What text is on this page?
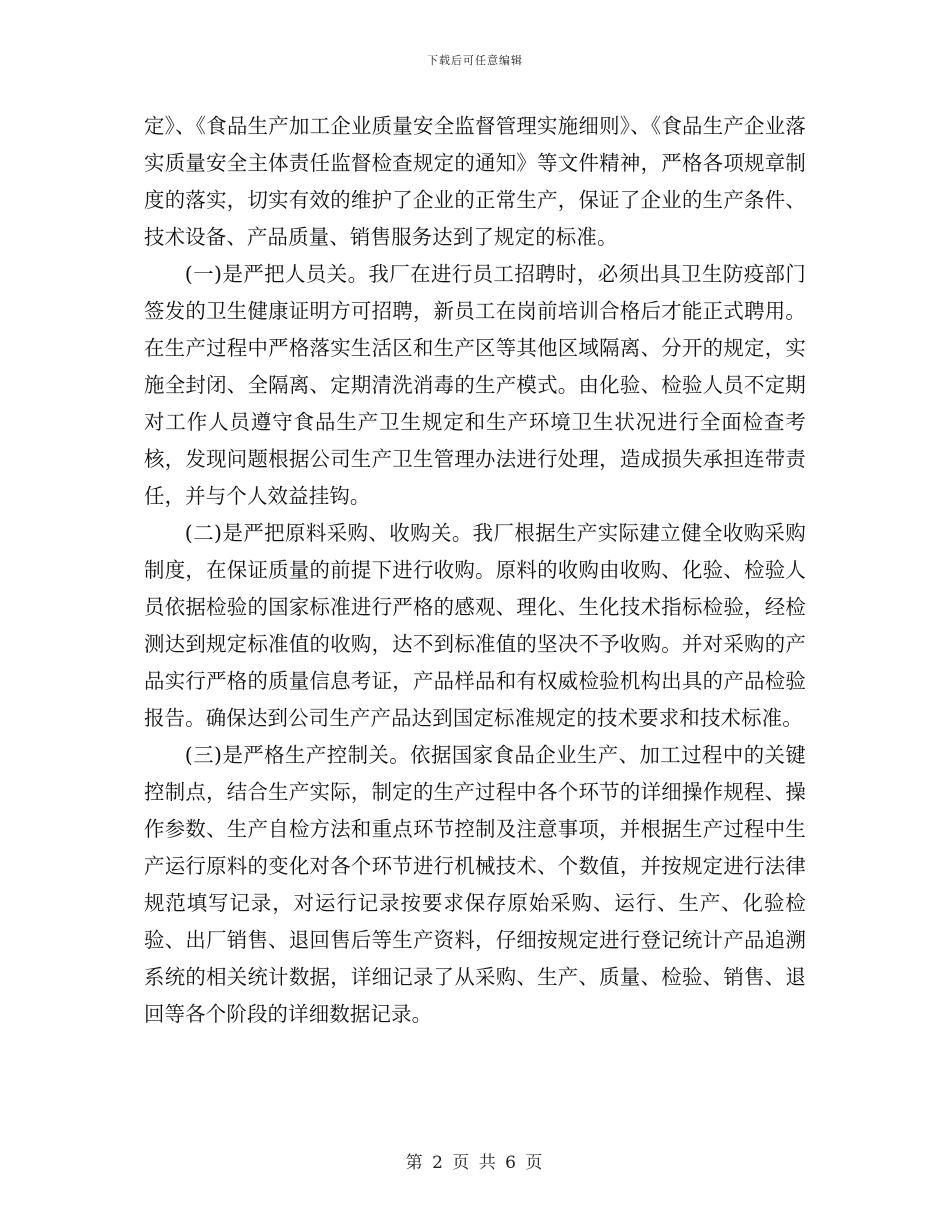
下载后可任意编辑

定》、《食品生产加工企业质量安全监督管理实施细则》、《食品生产企业落实质量安全主体责任监督检查规定的通知》等文件精神，严格各项规章制度的落实，切实有效的维护了企业的正常生产，保证了企业的生产条件、技术设备、产品质量、销售服务达到了规定的标准。

(一)是严把人员关。我厂在进行员工招聘时，必须出具卫生防疫部门签发的卫生健康证明方可招聘，新员工在岗前培训合格后才能正式聘用。在生产过程中严格落实生活区和生产区等其他区域隔离、分开的规定，实施全封闭、全隔离、定期清洗消毒的生产模式。由化验、检验人员不定期对工作人员遵守食品生产卫生规定和生产环境卫生状况进行全面检查考核，发现问题根据公司生产卫生管理办法进行处理，造成损失承担连带责任，并与个人效益挂钩。

(二)是严把原料采购、收购关。我厂根据生产实际建立健全收购采购制度，在保证质量的前提下进行收购。原料的收购由收购、化验、检验人员依据检验的国家标准进行严格的感观、理化、生化技术指标检验，经检测达到规定标准值的收购，达不到标准值的坚决不予收购。并对采购的产品实行严格的质量信息考证，产品样品和有权威检验机构出具的产品检验报告。确保达到公司生产产品达到国定标准规定的技术要求和技术标准。

(三)是严格生产控制关。依据国家食品企业生产、加工过程中的关键控制点，结合生产实际，制定的生产过程中各个环节的详细操作规程、操作参数、生产自检方法和重点环节控制及注意事项，并根据生产过程中生产运行原料的变化对各个环节进行机械技术、个数值，并按规定进行法律规范填写记录，对运行记录按要求保存原始采购、运行、生产、化验检验、出厂销售、退回售后等生产资料，仔细按规定进行登记统计产品追溯系统的相关统计数据，详细记录了从采购、生产、质量、检验、销售、退回等各个阶段的详细数据记录。

第 2 页 共 6 页
